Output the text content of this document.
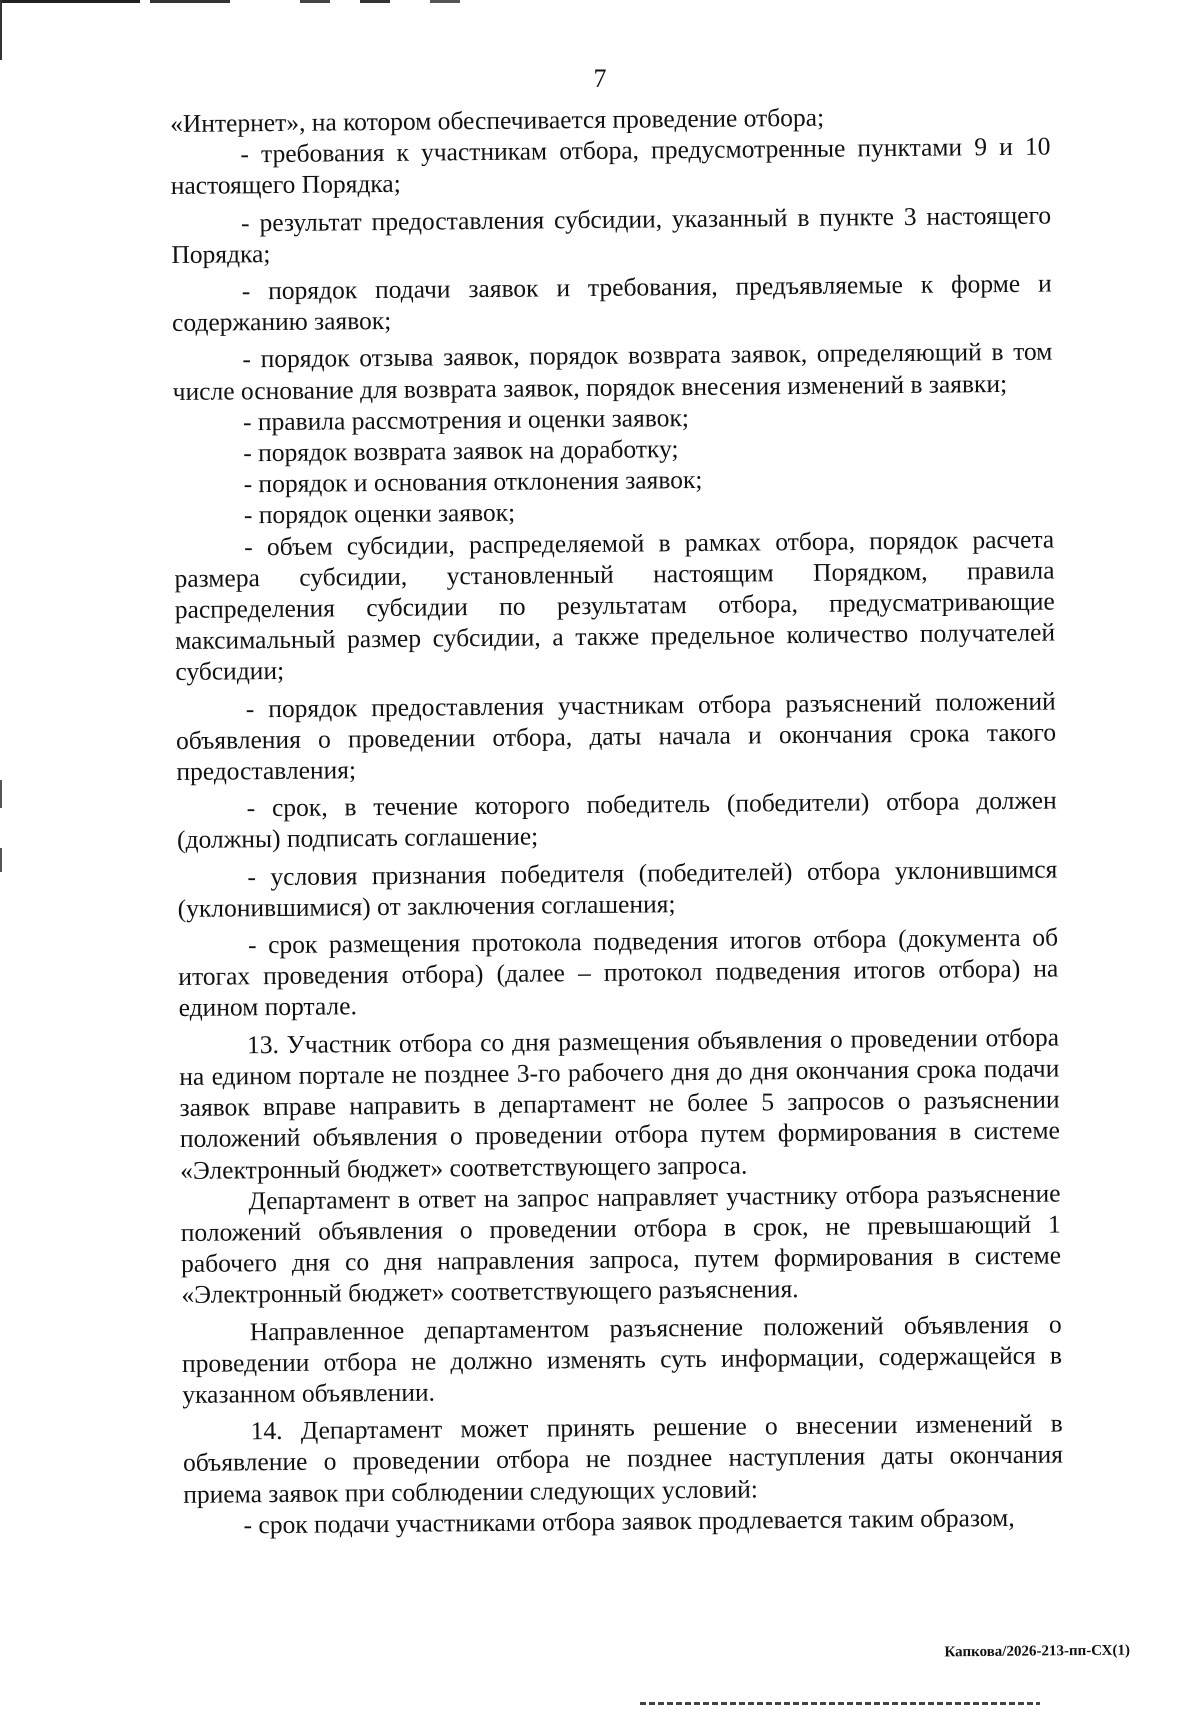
7

«Интернет», на котором обеспечивается проведение отбора;

- требования к участникам отбора, предусмотренные пунктами 9 и 10 настоящего Порядка;

- результат предоставления субсидии, указанный в пункте 3 настоящего Порядка;

- порядок подачи заявок и требования, предъявляемые к форме и содержанию заявок;

- порядок отзыва заявок, порядок возврата заявок, определяющий в том числе основание для возврата заявок, порядок внесения изменений в заявки;

- правила рассмотрения и оценки заявок;

- порядок возврата заявок на доработку;

- порядок и основания отклонения заявок;

- порядок оценки заявок;

- объем субсидии, распределяемой в рамках отбора, порядок расчета размера субсидии, установленный настоящим Порядком, правила распределения субсидии по результатам отбора, предусматривающие максимальный размер субсидии, а также предельное количество получателей субсидии;

- порядок предоставления участникам отбора разъяснений положений объявления о проведении отбора, даты начала и окончания срока такого предоставления;

- срок, в течение которого победитель (победители) отбора должен (должны) подписать соглашение;

- условия признания победителя (победителей) отбора уклонившимся (уклонившимися) от заключения соглашения;

- срок размещения протокола подведения итогов отбора (документа об итогах проведения отбора) (далее – протокол подведения итогов отбора) на едином портале.

13. Участник отбора со дня размещения объявления о проведении отбора на едином портале не позднее 3-го рабочего дня до дня окончания срока подачи заявок вправе направить в департамент не более 5 запросов о разъяснении положений объявления о проведении отбора путем формирования в системе «Электронный бюджет» соответствующего запроса.

Департамент в ответ на запрос направляет участнику отбора разъяснение положений объявления о проведении отбора в срок, не превышающий 1 рабочего дня со дня направления запроса, путем формирования в системе «Электронный бюджет» соответствующего разъяснения.

Направленное департаментом разъяснение положений объявления о проведении отбора не должно изменять суть информации, содержащейся в указанном объявлении.

14. Департамент может принять решение о внесении изменений в объявление о проведении отбора не позднее наступления даты окончания приема заявок при соблюдении следующих условий:

- срок подачи участниками отбора заявок продлевается таким образом,

Капкова/2026-213-пп-СХ(1)
